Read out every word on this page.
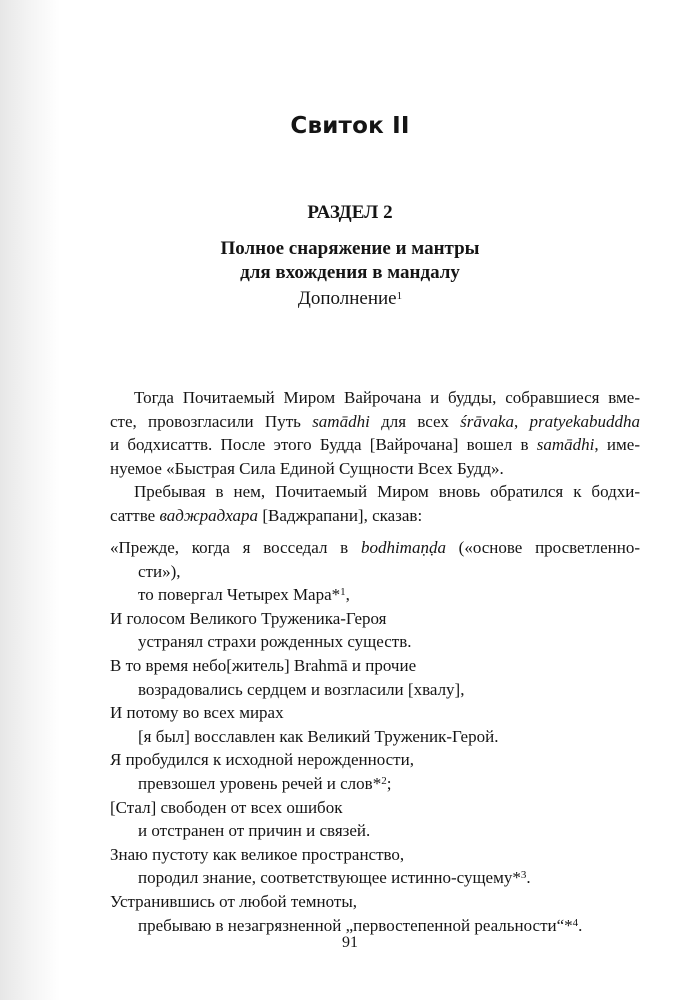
Свиток II
РАЗДЕЛ 2
Полное снаряжение и мантры
для вхождения в мандалу
Дополнение$^1$

Тогда Почитаемый Миром Вайрочана и будды, собравшиеся вме-
сте, провозгласили Путь samādhi для всех śrāvaka, pratyekabuddha
и бодхисаттв. После этого Будда [Вайрочана] вошел в samādhi, име-
нуемое «Быстрая Сила Единой Сущности Всех Будд».

Пребывая в нем, Почитаемый Миром вновь обратился к бодхи-
саттве ваджрадхара [Ваджрапани], сказав:

«Прежде, когда я восседал в bodhimaṇḍa («основе просветленно-
сти»),
то повергал Четырех Мара*$^1$,
И голосом Великого Труженика-Героя
устранял страхи рожденных существ.
В то время небо[житель] Brahmā и прочие
возрадовались сердцем и возгласили [хвалу],
И потому во всех мирах
[я был] восславлен как Великий Труженик-Герой.
Я пробудился к исходной нерожденности,
превзошел уровень речей и слов*$^2$;
[Стал] свободен от всех ошибок
и отстранен от причин и связей.
Знаю пустоту как великое пространство,
породил знание, соответствующее истинно-сущему*$^3$.
Устранившись от любой темноты,
пребываю в незагрязненной „первостепенной реальности“*$^4$.
91
